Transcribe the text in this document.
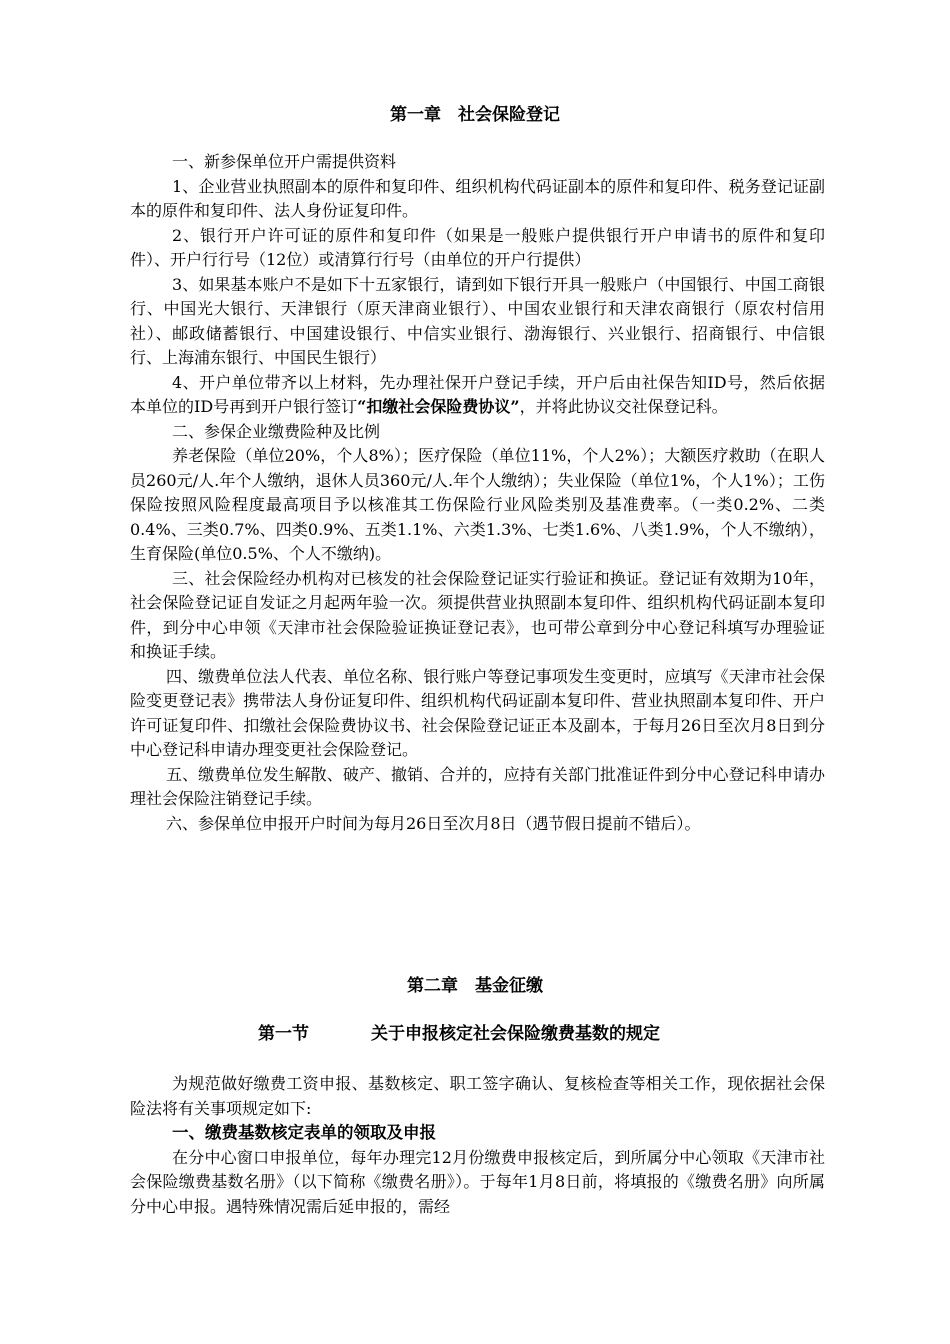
第一章　社会保险登记

一、新参保单位开户需提供资料

1、企业营业执照副本的原件和复印件、组织机构代码证副本的原件和复印件、税务登记证副本的原件和复印件、法人身份证复印件。

2、银行开户许可证的原件和复印件（如果是一般账户提供银行开户申请书的原件和复印件）、开户行行号（12位）或清算行行号（由单位的开户行提供）

3、如果基本账户不是如下十五家银行，请到如下银行开具一般账户（中国银行、中国工商银行、中国光大银行、天津银行（原天津商业银行）、中国农业银行和天津农商银行（原农村信用社）、邮政储蓄银行、中国建设银行、中信实业银行、渤海银行、兴业银行、招商银行、中信银行、上海浦东银行、中国民生银行）

4、开户单位带齐以上材料，先办理社保开户登记手续，开户后由社保告知ID号，然后依据本单位的ID号再到开户银行签订“扣缴社会保险费协议”，并将此协议交社保登记科。

二、参保企业缴费险种及比例

养老保险（单位20%，个人8%）；医疗保险（单位11%，个人2%）；大额医疗救助（在职人员260元/人.年个人缴纳，退休人员360元/人.年个人缴纳）；失业保险（单位1%，个人1%）；工伤保险按照风险程度最高项目予以核准其工伤保险行业风险类别及基准费率。（一类0.2%、二类0.4%、三类0.7%、四类0.9%、五类1.1%、六类1.3%、七类1.6%、八类1.9%，个人不缴纳），生育保险(单位0.5%、个人不缴纳)。

三、社会保险经办机构对已核发的社会保险登记证实行验证和换证。登记证有效期为10年，社会保险登记证自发证之月起两年验一次。须提供营业执照副本复印件、组织机构代码证副本复印件，到分中心申领《天津市社会保险验证换证登记表》，也可带公章到分中心登记科填写办理验证和换证手续。

四、缴费单位法人代表、单位名称、银行账户等登记事项发生变更时，应填写《天津市社会保险变更登记表》携带法人身份证复印件、组织机构代码证副本复印件、营业执照副本复印件、开户许可证复印件、扣缴社会保险费协议书、社会保险登记证正本及副本，于每月26日至次月8日到分中心登记科申请办理变更社会保险登记。

五、缴费单位发生解散、破产、撤销、合并的，应持有关部门批准证件到分中心登记科申请办理社会保险注销登记手续。

六、参保单位申报开户时间为每月26日至次月8日（遇节假日提前不错后）。

第二章　基金征缴
第一节	关于申报核定社会保险缴费基数的规定

为规范做好缴费工资申报、基数核定、职工签字确认、复核检查等相关工作，现依据社会保险法将有关事项规定如下:

一、缴费基数核定表单的领取及申报

在分中心窗口申报单位，每年办理完12月份缴费申报核定后，到所属分中心领取《天津市社会保险缴费基数名册》（以下简称《缴费名册》）。于每年1月8日前，将填报的《缴费名册》向所属分中心申报。遇特殊情况需后延申报的，需经
